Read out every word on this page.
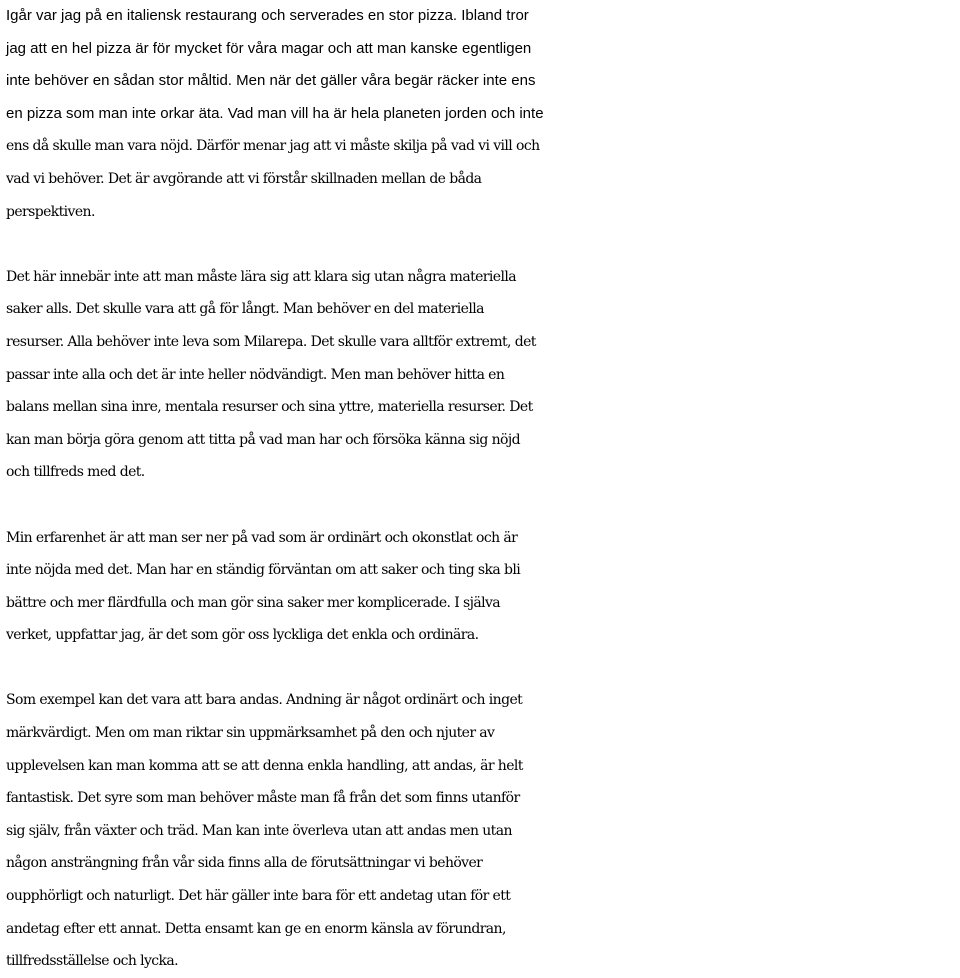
Igår var jag på en italiensk restaurang och serverades en stor pizza. Ibland tror
jag att en hel pizza är för mycket för våra magar och att man kanske egentligen
inte behöver en sådan stor måltid. Men när det gäller våra begär räcker inte ens
en pizza som man inte orkar äta. Vad man vill ha är hela planeten jorden och inte
ens då skulle man vara nöjd. Därför menar jag att vi måste skilja på vad vi vill och
vad vi behöver. Det är avgörande att vi förstår skillnaden mellan de båda
perspektiven.

Det här innebär inte att man måste lära sig att klara sig utan några materiella
saker alls. Det skulle vara att gå för långt. Man behöver en del materiella
resurser. Alla behöver inte leva som Milarepa. Det skulle vara alltför extremt, det
passar inte alla och det är inte heller nödvändigt. Men man behöver hitta en
balans mellan sina inre, mentala resurser och sina yttre, materiella resurser. Det
kan man börja göra genom att titta på vad man har och försöka känna sig nöjd
och tillfreds med det.

Min erfarenhet är att man ser ner på vad som är ordinärt och okonstlat och är
inte nöjda med det. Man har en ständig förväntan om att saker och ting ska bli
bättre och mer flärdfulla och man gör sina saker mer komplicerade. I själva
verket, uppfattar jag, är det som gör oss lyckliga det enkla och ordinära.

Som exempel kan det vara att bara andas. Andning är något ordinärt och inget
märkvärdigt. Men om man riktar sin uppmärksamhet på den och njuter av
upplevelsen kan man komma att se att denna enkla handling, att andas, är helt
fantastisk. Det syre som man behöver måste man få från det som finns utanför
sig själv, från växter och träd. Man kan inte överleva utan att andas men utan
någon ansträngning från vår sida finns alla de förutsättningar vi behöver
oupphörligt och naturligt. Det här gäller inte bara för ett andetag utan för ett
andetag efter ett annat. Detta ensamt kan ge en enorm känsla av förundran,
tillfredsställelse och lycka.
